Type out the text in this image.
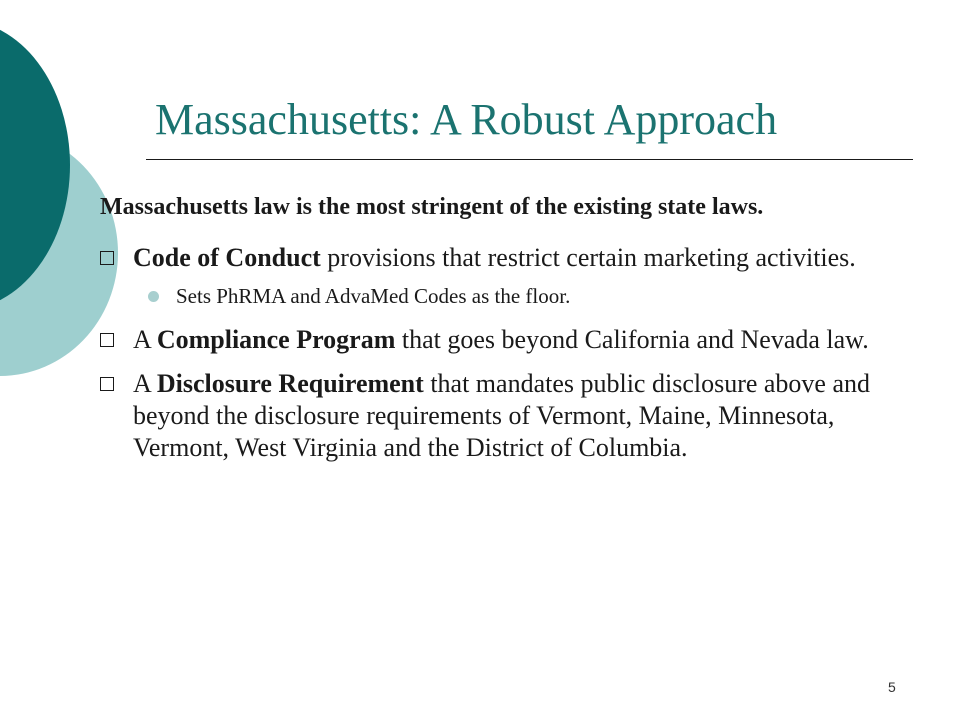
Massachusetts: A Robust Approach

Massachusetts law is the most stringent of the existing state laws.

Code of Conduct provisions that restrict certain marketing activities.
Sets PhRMA and AdvaMed Codes as the floor.
A Compliance Program that goes beyond California and Nevada law.
A Disclosure Requirement that mandates public disclosure above and beyond the disclosure requirements of Vermont, Maine, Minnesota, Vermont, West Virginia and the District of Columbia.
5
